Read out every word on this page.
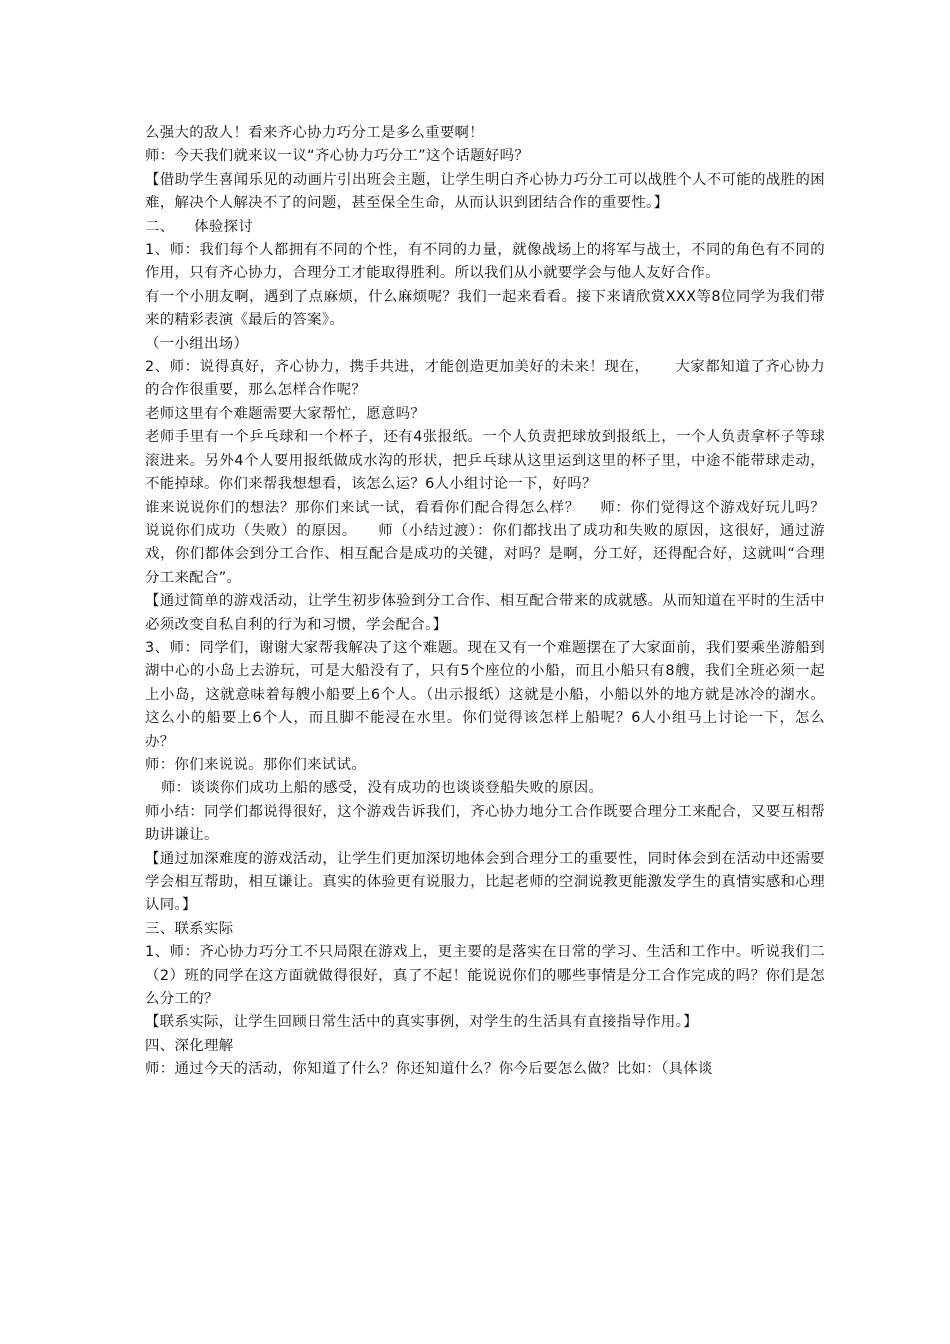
么强大的敌人！看来齐心协力巧分工是多么重要啊！

师：今天我们就来议一议“齐心协力巧分工”这个话题好吗？

【借助学生喜闻乐见的动画片引出班会主题，让学生明白齐心协力巧分工可以战胜个人不可能的战胜的困难，解决个人解决不了的问题，甚至保全生命，从而认识到团结合作的重要性。】

二、    体验探讨

1、师：我们每个人都拥有不同的个性，有不同的力量，就像战场上的将军与战士，不同的角色有不同的作用，只有齐心协力，合理分工才能取得胜利。所以我们从小就要学会与他人友好合作。

有一个小朋友啊，遇到了点麻烦，什么麻烦呢？我们一起来看看。接下来请欣赏XXX等8位同学为我们带来的精彩表演《最后的答案》。

（一小组出场）

2、师：说得真好，齐心协力，携手共进，才能创造更加美好的未来！现在，     大家都知道了齐心协力的合作很重要，那么怎样合作呢？

老师这里有个难题需要大家帮忙，愿意吗？

老师手里有一个乒乓球和一个杯子，还有4张报纸。一个人负责把球放到报纸上，一个人负责拿杯子等球滚进来。另外4个人要用报纸做成水沟的形状，把乒乓球从这里运到这里的杯子里，中途不能带球走动，不能掉球。你们来帮我想想看，该怎么运？6人小组讨论一下，好吗？

谁来说说你们的想法？那你们来试一试，看看你们配合得怎么样？    师：你们觉得这个游戏好玩儿吗？说说你们成功（失败）的原因。    师（小结过渡）：你们都找出了成功和失败的原因，这很好，通过游戏，你们都体会到分工合作、相互配合是成功的关键，对吗？是啊，分工好，还得配合好，这就叫“合理分工来配合”。

【通过简单的游戏活动，让学生初步体验到分工合作、相互配合带来的成就感。从而知道在平时的生活中必须改变自私自利的行为和习惯，学会配合。】

3、师：同学们，谢谢大家帮我解决了这个难题。现在又有一个难题摆在了大家面前，我们要乘坐游船到湖中心的小岛上去游玩，可是大船没有了，只有5个座位的小船，而且小船只有8艘，我们全班必须一起上小岛，这就意味着每艘小船要上6个人。（出示报纸）这就是小船，小船以外的地方就是冰冷的湖水。这么小的船要上6个人，而且脚不能浸在水里。你们觉得该怎样上船呢？6人小组马上讨论一下，怎么办？

师：你们来说说。那你们来试试。

师：谈谈你们成功上船的感受，没有成功的也谈谈登船失败的原因。

师小结：同学们都说得很好，这个游戏告诉我们，齐心协力地分工合作既要合理分工来配合，又要互相帮助讲谦让。

【通过加深难度的游戏活动，让学生们更加深切地体会到合理分工的重要性，同时体会到在活动中还需要学会相互帮助，相互谦让。真实的体验更有说服力，比起老师的空洞说教更能激发学生的真情实感和心理认同。】

三、联系实际

1、师：齐心协力巧分工不只局限在游戏上，更主要的是落实在日常的学习、生活和工作中。听说我们二（2）班的同学在这方面就做得很好，真了不起！能说说你们的哪些事情是分工合作完成的吗？你们是怎么分工的？

【联系实际，让学生回顾日常生活中的真实事例，对学生的生活具有直接指导作用。】

四、深化理解

师：通过今天的活动，你知道了什么？你还知道什么？你今后要怎么做？比如：（具体谈
